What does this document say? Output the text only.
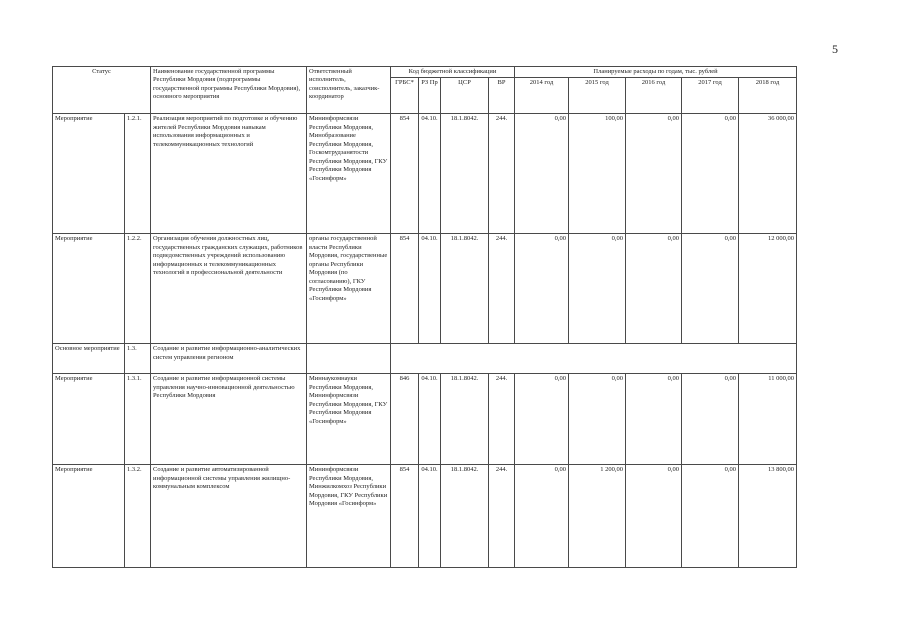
5
Статус		Наименование государственной программы Республики Мордовия (подпрограммы государственной программы Республики Мордовия), основного мероприятия	Ответственный исполнитель, соисполнитель, заказчик-координатор	Код бюджетной классификации				Планируемые расходы по годам, тыс. рублей				
				ГРБС*	РЗ Пр	ЦСР	ВР	2014 год	2015 год	2016 год	2017 год	2018 год
Мероприятие	1.2.1.	Реализация мероприятий по подготовке и обучению жителей Республики Мордовия навыкам использования информационных и телекоммуникационных технологий	Мининформсвязи Республики Мордовия, Минобразование Республики Мордовия, Госкомтрудзанятости Республики Мордовия, ГКУ Республики Мордовия «Госинформ»	854	04.10.	18.1.8042.	244.	0,00	100,00	0,00	0,00	36 000,00
Мероприятие	1.2.2.	Организация обучения должностных лиц, государственных гражданских служащих, работников подведомственных учреждений использованию информационных и телекоммуникационных технологий в профессиональной деятельности	органы государственной власти Республики Мордовия, государственные органы Республики Мордовия (по согласованию), ГКУ Республики Мордовия «Госинформ»	854	04.10.	18.1.8042.	244.	0,00	0,00	0,00	0,00	12 000,00
Основное мероприятие	1.3.	Создание и развитие информационно-аналитических систем управления регионом										
Мероприятие	1.3.1.	Создание и развитие информационной системы управления научно-инновационной деятельностью Республики Мордовия	Миннаукомнауки Республики Мордовия, Мининформсвязи Республики Мордовия, ГКУ Республики Мордовия «Госинформ»	846	04.10.	18.1.8042.	244.	0,00	0,00	0,00	0,00	11 000,00
Мероприятие	1.3.2.	Создание и развитие автоматизированной информационной системы управления жилищно-коммунальным комплексом	Мининформсвязи Республики Мордовия, Минжилкомхоз Республики Мордовия, ГКУ Республики Мордовия «Госинформ»	854	04.10.	18.1.8042.	244.	0,00	1 200,00	0,00	0,00	13 800,00
